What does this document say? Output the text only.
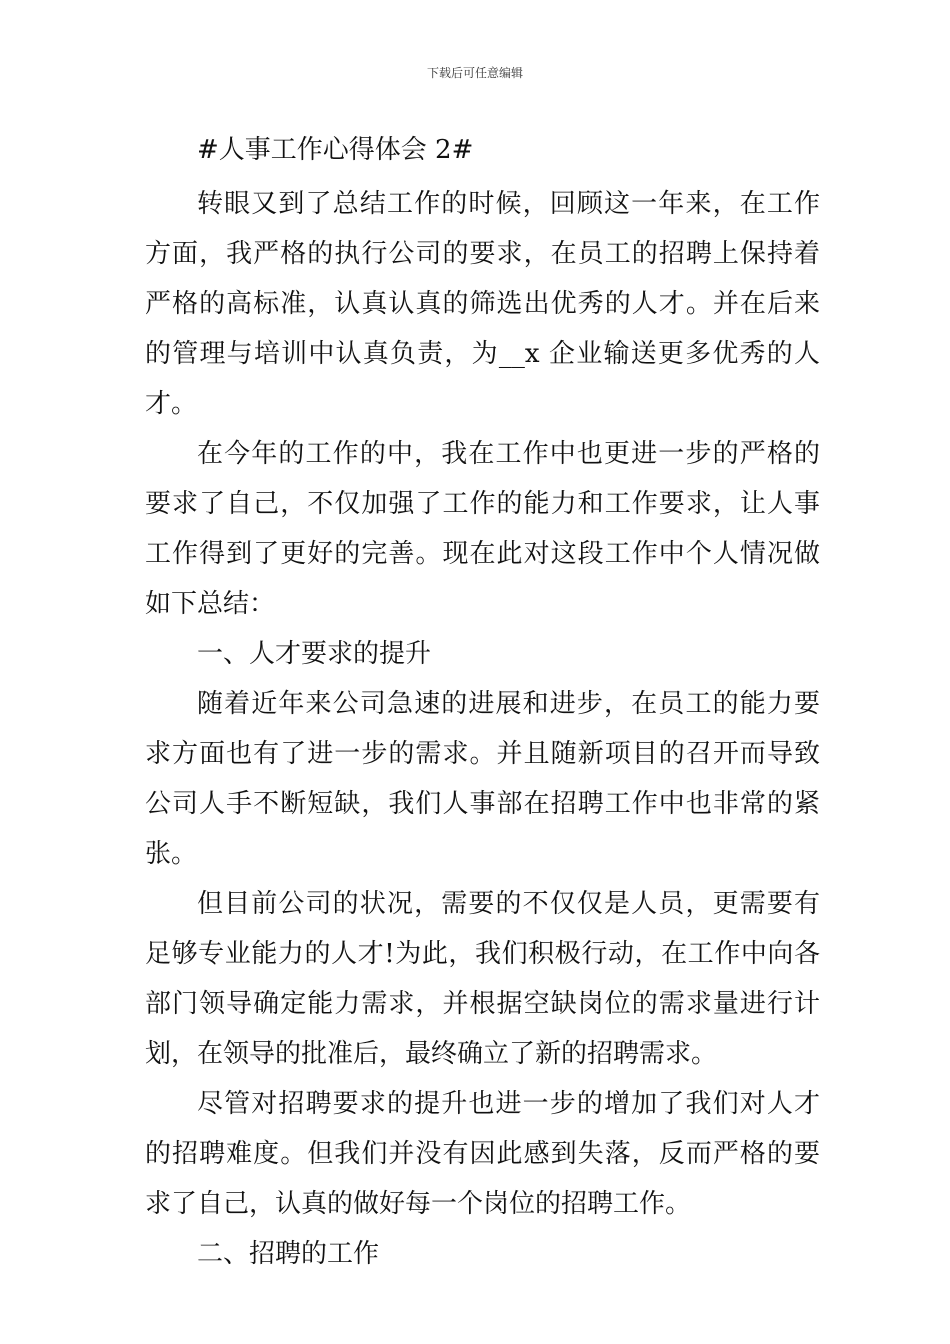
下载后可任意编辑

#人事工作心得体会 2#

转眼又到了总结工作的时候，回顾这一年来，在工作方面，我严格的执行公司的要求，在员工的招聘上保持着严格的高标准，认真认真的筛选出优秀的人才。并在后来的管理与培训中认真负责，为__x 企业输送更多优秀的人才。

在今年的工作的中，我在工作中也更进一步的严格的要求了自己，不仅加强了工作的能力和工作要求，让人事工作得到了更好的完善。现在此对这段工作中个人情况做如下总结：

一、人才要求的提升

随着近年来公司急速的进展和进步，在员工的能力要求方面也有了进一步的需求。并且随新项目的召开而导致公司人手不断短缺，我们人事部在招聘工作中也非常的紧张。

但目前公司的状况，需要的不仅仅是人员，更需要有足够专业能力的人才!为此，我们积极行动，在工作中向各部门领导确定能力需求，并根据空缺岗位的需求量进行计划，在领导的批准后，最终确立了新的招聘需求。

尽管对招聘要求的提升也进一步的增加了我们对人才的招聘难度。但我们并没有因此感到失落，反而严格的要求了自己，认真的做好每一个岗位的招聘工作。

二、招聘的工作
